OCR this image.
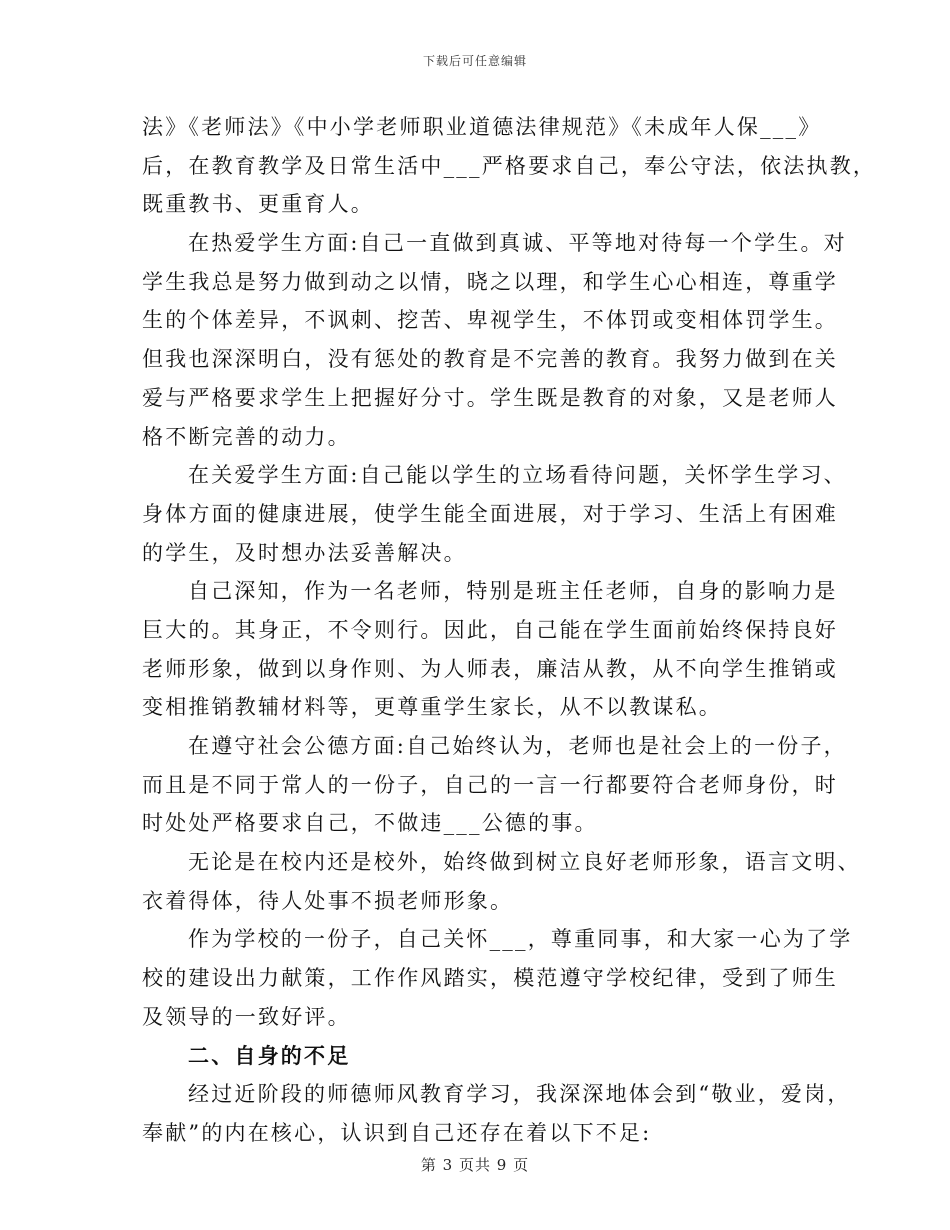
下载后可任意编辑
法》《老师法》《中小学老师职业道德法律规范》《未成年人保___》
后，在教育教学及日常生活中___严格要求自己，奉公守法，依法执教，
既重教书、更重育人。
在热爱学生方面:自己一直做到真诚、平等地对待每一个学生。对
学生我总是努力做到动之以情，晓之以理，和学生心心相连，尊重学
生的个体差异，不讽刺、挖苦、卑视学生，不体罚或变相体罚学生。
但我也深深明白，没有惩处的教育是不完善的教育。我努力做到在关
爱与严格要求学生上把握好分寸。学生既是教育的对象，又是老师人
格不断完善的动力。
在关爱学生方面:自己能以学生的立场看待问题，关怀学生学习、
身体方面的健康进展，使学生能全面进展，对于学习、生活上有困难
的学生，及时想办法妥善解决。
自己深知，作为一名老师，特别是班主任老师，自身的影响力是
巨大的。其身正，不令则行。因此，自己能在学生面前始终保持良好
老师形象，做到以身作则、为人师表，廉洁从教，从不向学生推销或
变相推销教辅材料等，更尊重学生家长，从不以教谋私。
在遵守社会公德方面:自己始终认为，老师也是社会上的一份子，
而且是不同于常人的一份子，自己的一言一行都要符合老师身份，时
时处处严格要求自己，不做违___公德的事。
无论是在校内还是校外，始终做到树立良好老师形象，语言文明、
衣着得体，待人处事不损老师形象。
作为学校的一份子，自己关怀___，尊重同事，和大家一心为了学
校的建设出力献策，工作作风踏实，模范遵守学校纪律，受到了师生
及领导的一致好评。
二、自身的不足
经过近阶段的师德师风教育学习，我深深地体会到“敬业，爱岗，
奉献”的内在核心，认识到自己还存在着以下不足:
第 3 页共 9 页
